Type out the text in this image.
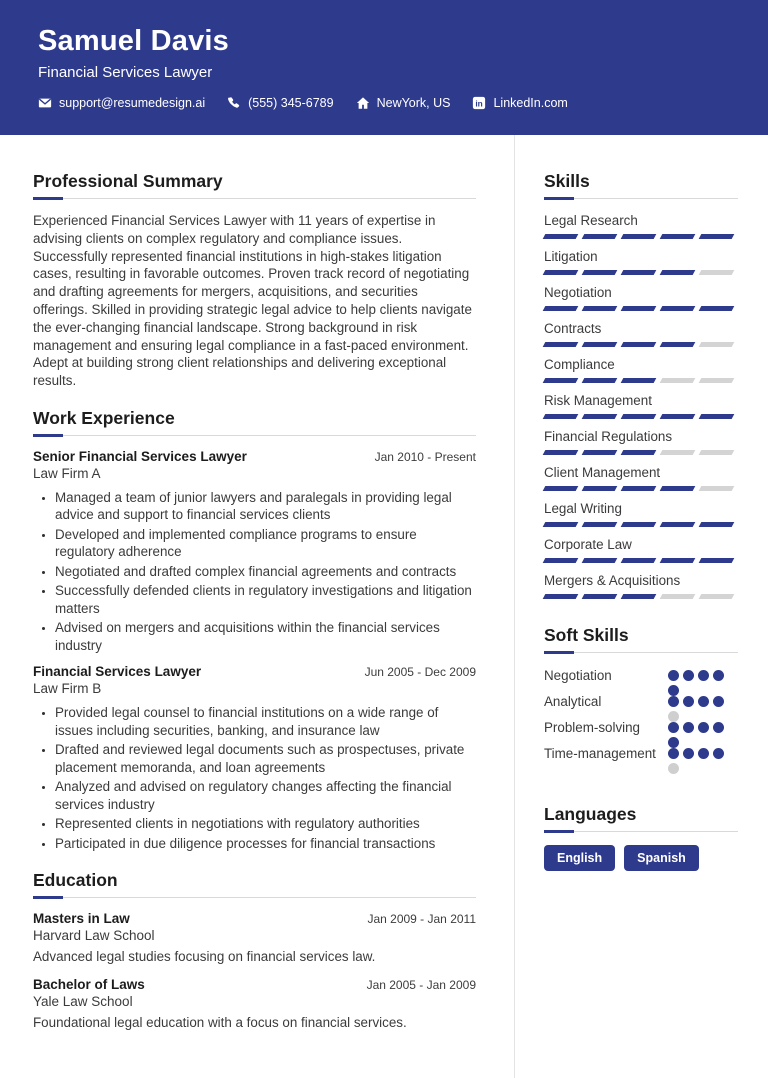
Samuel Davis
Financial Services Lawyer
support@resumedesign.ai	(555) 345-6789	NewYork, US	in LinkedIn.com
Professional Summary

Experienced Financial Services Lawyer with 11 years of expertise in advising clients on complex regulatory and compliance issues. Successfully represented financial institutions in high-stakes litigation cases, resulting in favorable outcomes. Proven track record of negotiating and drafting agreements for mergers, acquisitions, and securities offerings. Skilled in providing strategic legal advice to help clients navigate the ever-changing financial landscape. Strong background in risk management and ensuring legal compliance in a fast-paced environment. Adept at building strong client relationships and delivering exceptional results.

Work Experience
Senior Financial Services Lawyer	Jan 2010 - Present
Law Firm A
• Managed a team of junior lawyers and paralegals in providing legal advice and support to financial services clients
• Developed and implemented compliance programs to ensure regulatory adherence
• Negotiated and drafted complex financial agreements and contracts
• Successfully defended clients in regulatory investigations and litigation matters
• Advised on mergers and acquisitions within the financial services industry
Financial Services Lawyer	Jun 2005 - Dec 2009
Law Firm B
• Provided legal counsel to financial institutions on a wide range of issues including securities, banking, and insurance law
• Drafted and reviewed legal documents such as prospectuses, private placement memoranda, and loan agreements
• Analyzed and advised on regulatory changes affecting the financial services industry
• Represented clients in negotiations with regulatory authorities
• Participated in due diligence processes for financial transactions
Education
Masters in Law	Jan 2009 - Jan 2011
Harvard Law School
Advanced legal studies focusing on financial services law.
Bachelor of Laws	Jan 2005 - Jan 2009
Yale Law School
Foundational legal education with a focus on financial services.
Skills
Legal Research
Litigation
Negotiation
Contracts
Compliance
Risk Management
Financial Regulations
Client Management
Legal Writing
Corporate Law
Mergers & Acquisitions
Soft Skills
Negotiation
Analytical
Problem-solving
Time-management
Languages
English	Spanish
